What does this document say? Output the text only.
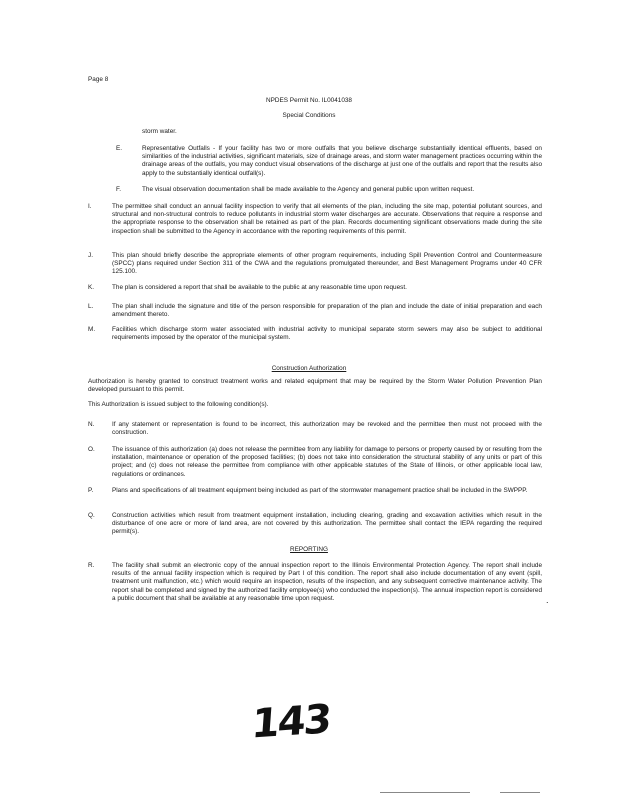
Page 8
NPDES Permit No. IL0041038
Special Conditions
storm water.
E.	Representative Outfalls - If your facility has two or more outfalls that you believe discharge substantially identical effluents, based on similarities of the industrial activities, significant materials, size of drainage areas, and storm water management practices occurring within the drainage areas of the outfalls, you may conduct visual observations of the discharge at just one of the outfalls and report that the results also apply to the substantially identical outfall(s).
F.	The visual observation documentation shall be made available to the Agency and general public upon written request.
I.	The permittee shall conduct an annual facility inspection to verify that all elements of the plan, including the site map, potential pollutant sources, and structural and non-structural controls to reduce pollutants in industrial storm water discharges are accurate. Observations that require a response and the appropriate response to the observation shall be retained as part of the plan. Records documenting significant observations made during the site inspection shall be submitted to the Agency in accordance with the reporting requirements of this permit.
J.	This plan should briefly describe the appropriate elements of other program requirements, including Spill Prevention Control and Countermeasure (SPCC) plans required under Section 311 of the CWA and the regulations promulgated thereunder, and Best Management Programs under 40 CFR 125.100.
K.	The plan is considered a report that shall be available to the public at any reasonable time upon request.
L.	The plan shall include the signature and title of the person responsible for preparation of the plan and include the date of initial preparation and each amendment thereto.
M.	Facilities which discharge storm water associated with industrial activity to municipal separate storm sewers may also be subject to additional requirements imposed by the operator of the municipal system.
Construction Authorization
Authorization is hereby granted to construct treatment works and related equipment that may be required by the Storm Water Pollution Prevention Plan developed pursuant to this permit.
This Authorization is issued subject to the following condition(s).
N.	If any statement or representation is found to be incorrect, this authorization may be revoked and the permittee then must not proceed with the construction.
O.	The issuance of this authorization (a) does not release the permittee from any liability for damage to persons or property caused by or resulting from the installation, maintenance or operation of the proposed facilities; (b) does not take into consideration the structural stability of any units or part of this project; and (c) does not release the permittee from compliance with other applicable statutes of the State of Illinois, or other applicable local law, regulations or ordinances.
P.	Plans and specifications of all treatment equipment being included as part of the stormwater management practice shall be included in the SWPPP.
Q.	Construction activities which result from treatment equipment installation, including clearing, grading and excavation activities which result in the disturbance of one acre or more of land area, are not covered by this authorization. The permittee shall contact the IEPA regarding the required permit(s).
REPORTING
R.	The facility shall submit an electronic copy of the annual inspection report to the Illinois Environmental Protection Agency. The report shall include results of the annual facility inspection which is required by Part I of this condition. The report shall also include documentation of any event (spill, treatment unit malfunction, etc.) which would require an inspection, results of the inspection, and any subsequent corrective maintenance activity. The report shall be completed and signed by the authorized facility employee(s) who conducted the inspection(s). The annual inspection report is considered a public document that shall be available at any reasonable time upon request.	.
143
